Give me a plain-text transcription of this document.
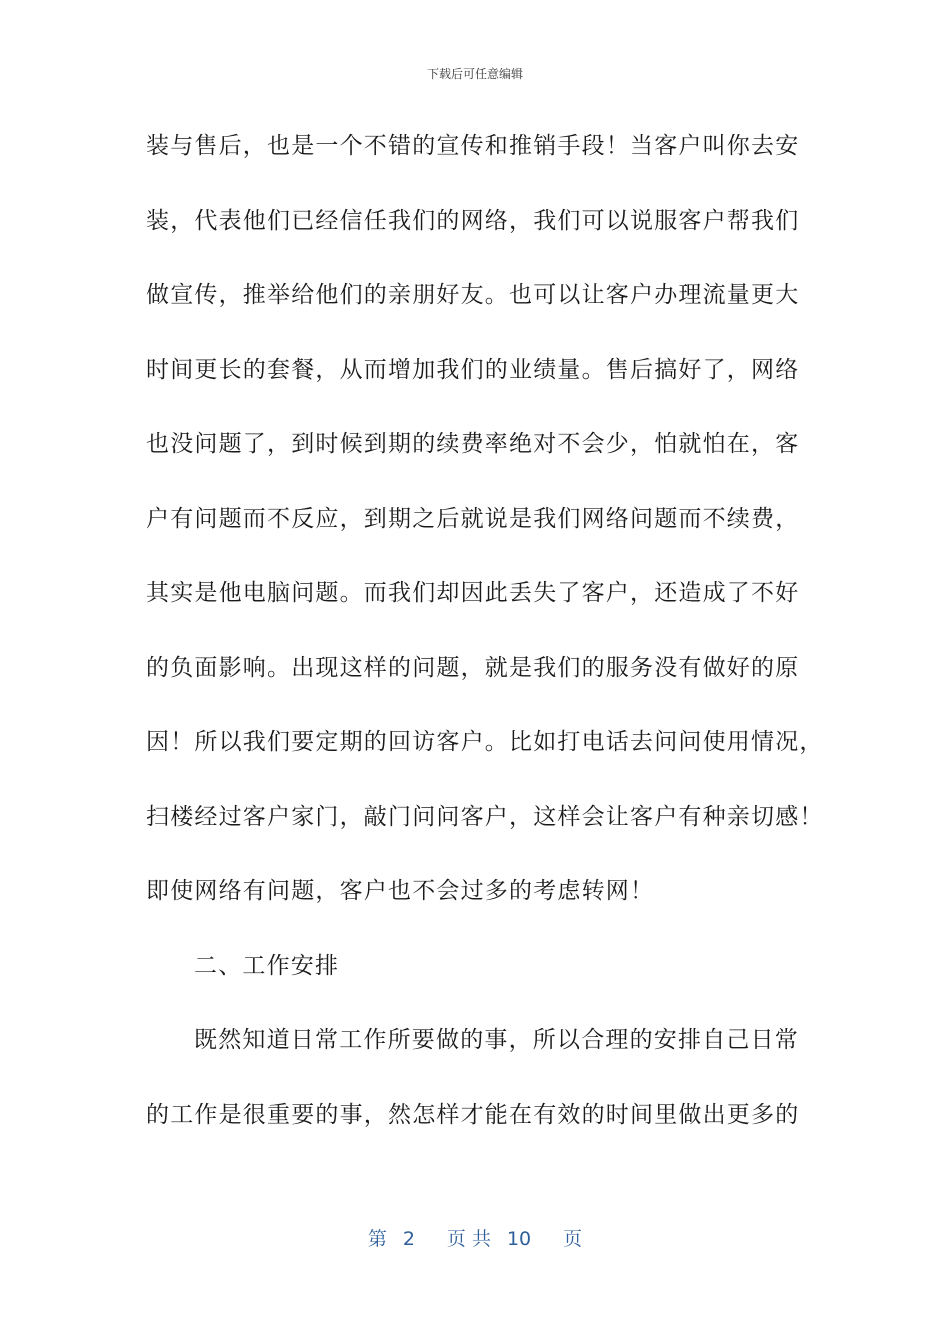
下载后可任意编辑
装与售后，也是一个不错的宣传和推销手段！当客户叫你去安
装，代表他们已经信任我们的网络，我们可以说服客户帮我们
做宣传，推举给他们的亲朋好友。也可以让客户办理流量更大
时间更长的套餐，从而增加我们的业绩量。售后搞好了，网络
也没问题了，到时候到期的续费率绝对不会少，怕就怕在，客
户有问题而不反应，到期之后就说是我们网络问题而不续费，
其实是他电脑问题。而我们却因此丢失了客户，还造成了不好
的负面影响。出现这样的问题，就是我们的服务没有做好的原
因！所以我们要定期的回访客户。比如打电话去问问使用情况，
扫楼经过客户家门，敲门问问客户，这样会让客户有种亲切感！
即使网络有问题，客户也不会过多的考虑转网！
二、工作安排
既然知道日常工作所要做的事，所以合理的安排自己日常
的工作是很重要的事，然怎样才能在有效的时间里做出更多的
第 2 页 共 10 页
